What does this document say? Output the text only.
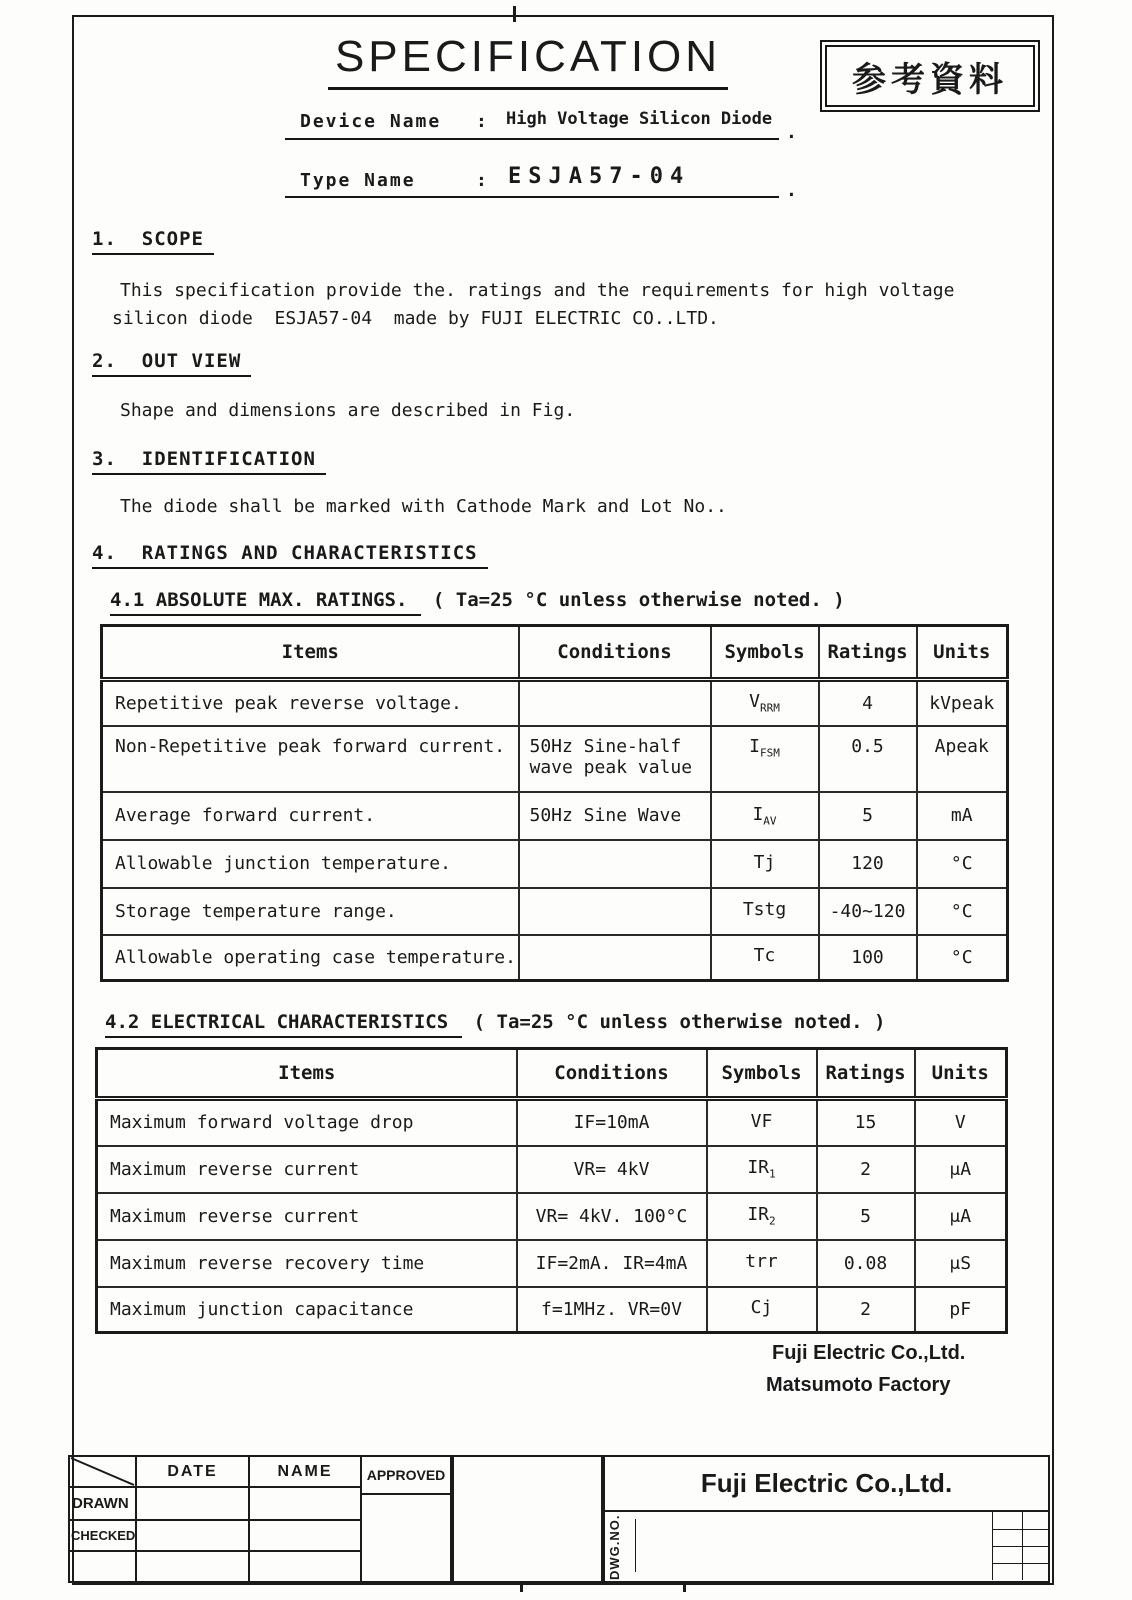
SPECIFICATION	参考資料
Device Name : High Voltage Silicon Diode
.
Type Name	: ESJA57-04
.
1.  SCOPE
This specification provide the. ratings and the requirements for high voltage
silicon diode  ESJA57-04  made by FUJI ELECTRIC CO..LTD.
2.  OUT VIEW
Shape and dimensions are described in Fig.
3.  IDENTIFICATION
The diode shall be marked with Cathode Mark and Lot No..
4.  RATINGS AND CHARACTERISTICS
4.1 ABSOLUTE MAX. RATINGS. ( Ta=25 °C unless otherwise noted. )
Items	Conditions	Symbols	Ratings	Units
Repetitive peak reverse voltage.		$V_{RRM}$	4	kVpeak
Non-Repetitive peak forward current.	50Hz Sine-half wave peak value	$I_{FSM}$	0.5	Apeak
Average forward current.	50Hz Sine Wave	$I_{AV}$	5	mA
Allowable junction temperature.		Tj	120	°C
Storage temperature range.		Tstg	-40~120	°C
Allowable operating case temperature.		Tc	100	°C
4.2 ELECTRICAL CHARACTERISTICS ( Ta=25 °C unless otherwise noted. )
Items	Conditions	Symbols	Ratings	Units
Maximum forward voltage drop	IF=10mA	VF	15	V
Maximum reverse current	VR= 4kV	$IR_1$	2	μA
Maximum reverse current	VR= 4kV. 100°C	$IR_2$	5	μA
Maximum reverse recovery time	IF=2mA. IR=4mA	trr	0.08	μS
Maximum junction capacitance	f=1MHz. VR=0V	Cj	2	pF
Fuji Electric Co.,Ltd.
Matsumoto Factory
DRAWN
CHECKED
DATE	NAME	APPROVED	Fuji Electric Co.,Ltd.
DWG.NO.
